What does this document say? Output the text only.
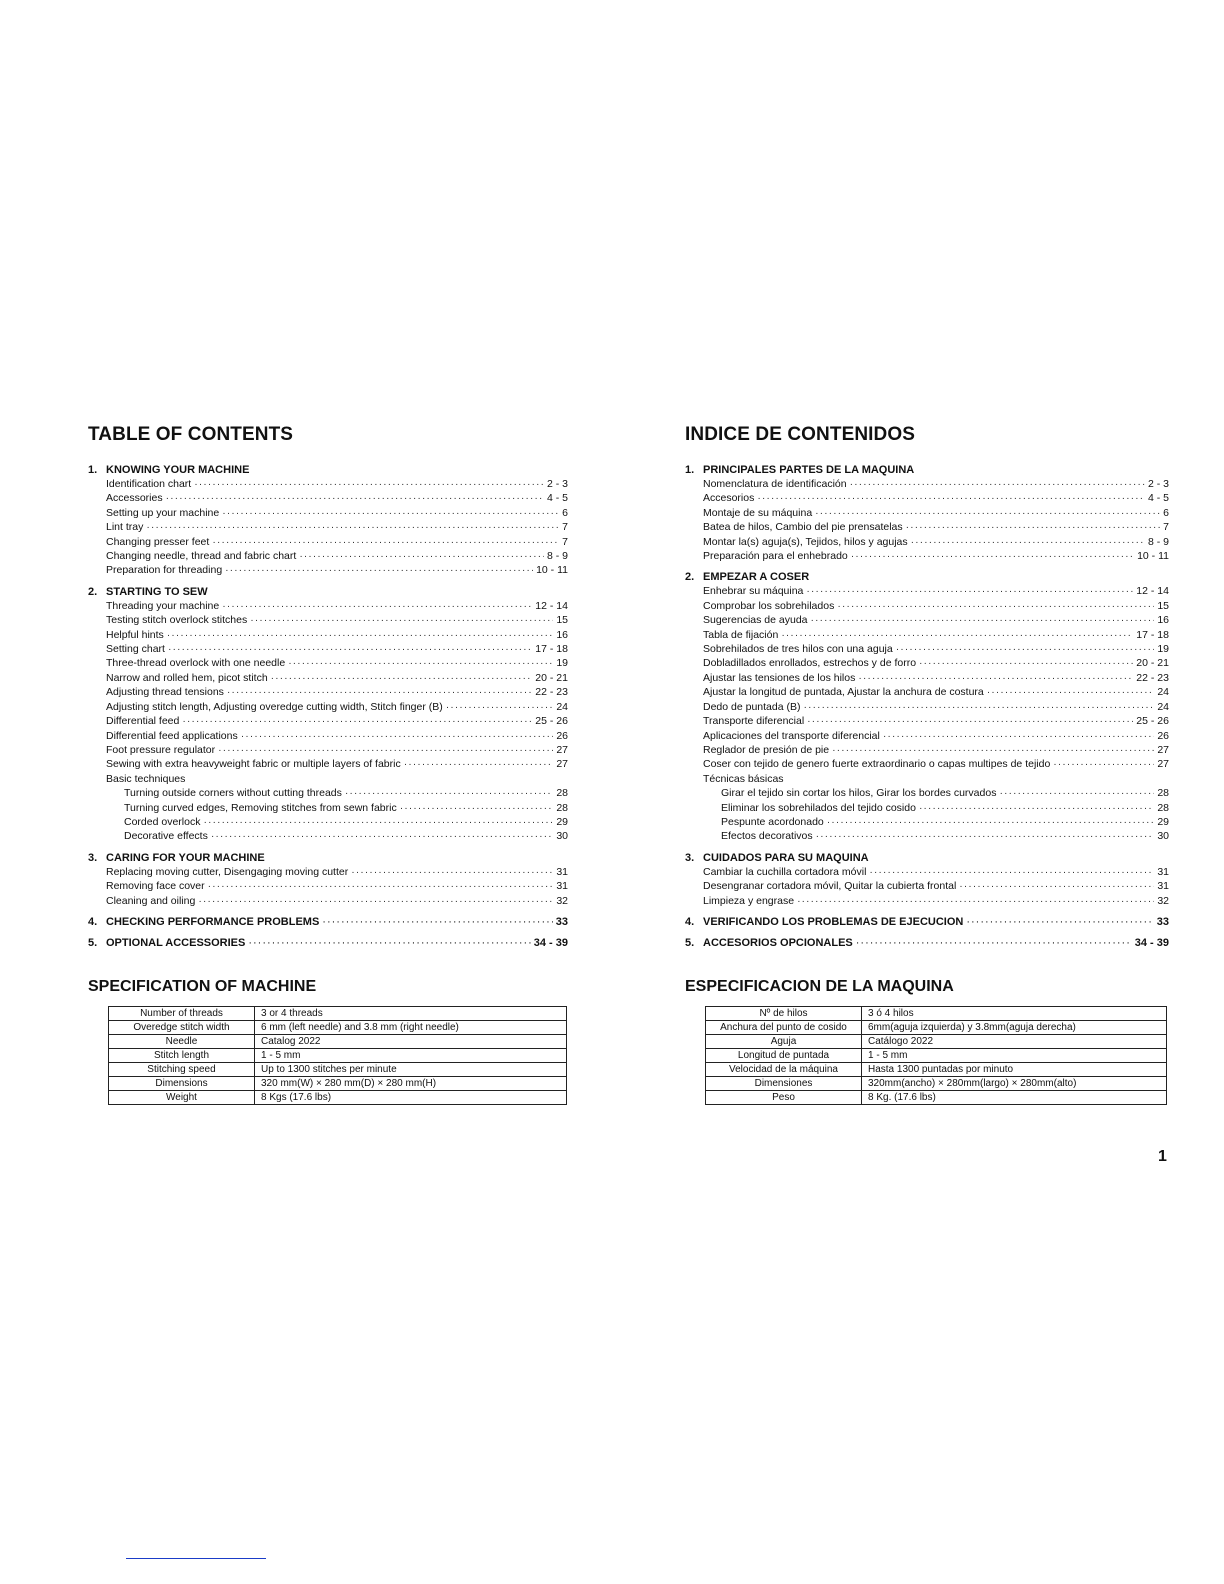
TABLE OF CONTENTS
1. KNOWING YOUR MACHINE
Identification chart ·····	2 - 3
Accessories ·····	4 - 5
Setting up your machine ·····	6
Lint tray ·····	7
Changing presser feet ·····	7
Changing needle, thread and fabric chart ·····	8 - 9
Preparation for threading ·····	10 - 11
2. STARTING TO SEW
Threading your machine ·····	12 - 14
Testing stitch overlock stitches ·····	15
Helpful hints ·····	16
Setting chart ·····	17 - 18
Three-thread overlock with one needle ·····	19
Narrow and rolled hem, picot stitch ·····	20 - 21
Adjusting thread tensions ·····	22 - 23
Adjusting stitch length, Adjusting overedge cutting width, Stitch finger (B) ·····	24
Differential feed ·····	25 - 26
Differential feed applications ·····	26
Foot pressure regulator ·····	27
Sewing with extra heavyweight fabric or multiple layers of fabric ·····	27
Basic techniques
Turning outside corners without cutting threads ·····	28
Turning curved edges, Removing stitches from sewn fabric ·····	28
Corded overlock ·····	29
Decorative effects ·····	30
3. CARING FOR YOUR MACHINE
Replacing moving cutter, Disengaging moving cutter ·····	31
Removing face cover ·····	31
Cleaning and oiling ·····	32
4. CHECKING PERFORMANCE PROBLEMS ·····	33
5. OPTIONAL ACCESSORIES ·····	34 - 39
INDICE DE CONTENIDOS
1. PRINCIPALES PARTES DE LA MAQUINA
Nomenclatura de identificación ·····	2 - 3
Accesorios ·····	4 - 5
Montaje de su máquina ·····	6
Batea de hilos, Cambio del pie prensatelas ·····	7
Montar la(s) aguja(s), Tejidos, hilos y agujas ·····	8 - 9
Preparación para el enhebrado ·····	10 - 11
2. EMPEZAR A COSER
Enhebrar su máquina ·····	12 - 14
Comprobar los sobrehilados ·····	15
Sugerencias de ayuda ·····	16
Tabla de fijación ·····	17 - 18
Sobrehilados de tres hilos con una aguja ·····	19
Dobladillados enrollados, estrechos y de forro ·····	20 - 21
Ajustar las tensiones de los hilos ·····	22 - 23
Ajustar la longitud de puntada, Ajustar la anchura de costura ·····	24
Dedo de puntada (B) ·····	24
Transporte diferencial ·····	25 - 26
Aplicaciones del transporte diferencial ·····	26
Reglador de presión de pie ·····	27
Coser con tejido de genero fuerte extraordinario o capas multipes de tejido ·····	27
Técnicas básicas
Girar el tejido sin cortar los hilos, Girar los bordes curvados ·····	28
Eliminar los sobrehilados del tejido cosido ·····	28
Pespunte acordonado ·····	29
Efectos decorativos ·····	30
3. CUIDADOS PARA SU MAQUINA
Cambiar la cuchilla cortadora móvil ·····	31
Desengranar cortadora móvil, Quitar la cubierta frontal ·····	31
Limpieza y engrase ·····	32
4. VERIFICANDO LOS PROBLEMAS DE EJECUCION ·····	33
5. ACCESORIOS OPCIONALES ·····	34 - 39
SPECIFICATION OF MACHINE
Number of threads	3 or 4 threads
Overedge stitch width	6 mm (left needle) and 3.8 mm (right needle)
Needle	Catalog 2022
Stitch length	1 - 5 mm
Stitching speed	Up to 1300 stitches per minute
Dimensions	320 mm(W) × 280 mm(D) × 280 mm(H)
Weight	8 Kgs (17.6 lbs)
ESPECIFICACION DE LA MAQUINA
Nº de hilos	3 ó 4 hilos
Anchura del punto de cosido	6mm(aguja izquierda) y 3.8mm(aguja derecha)
Aguja	Catálogo 2022
Longitud de puntada	1 - 5 mm
Velocidad de la máquina	Hasta 1300 puntadas por minuto
Dimensiones	320mm(ancho) × 280mm(largo) × 280mm(alto)
Peso	8 Kg. (17.6 lbs)
1
